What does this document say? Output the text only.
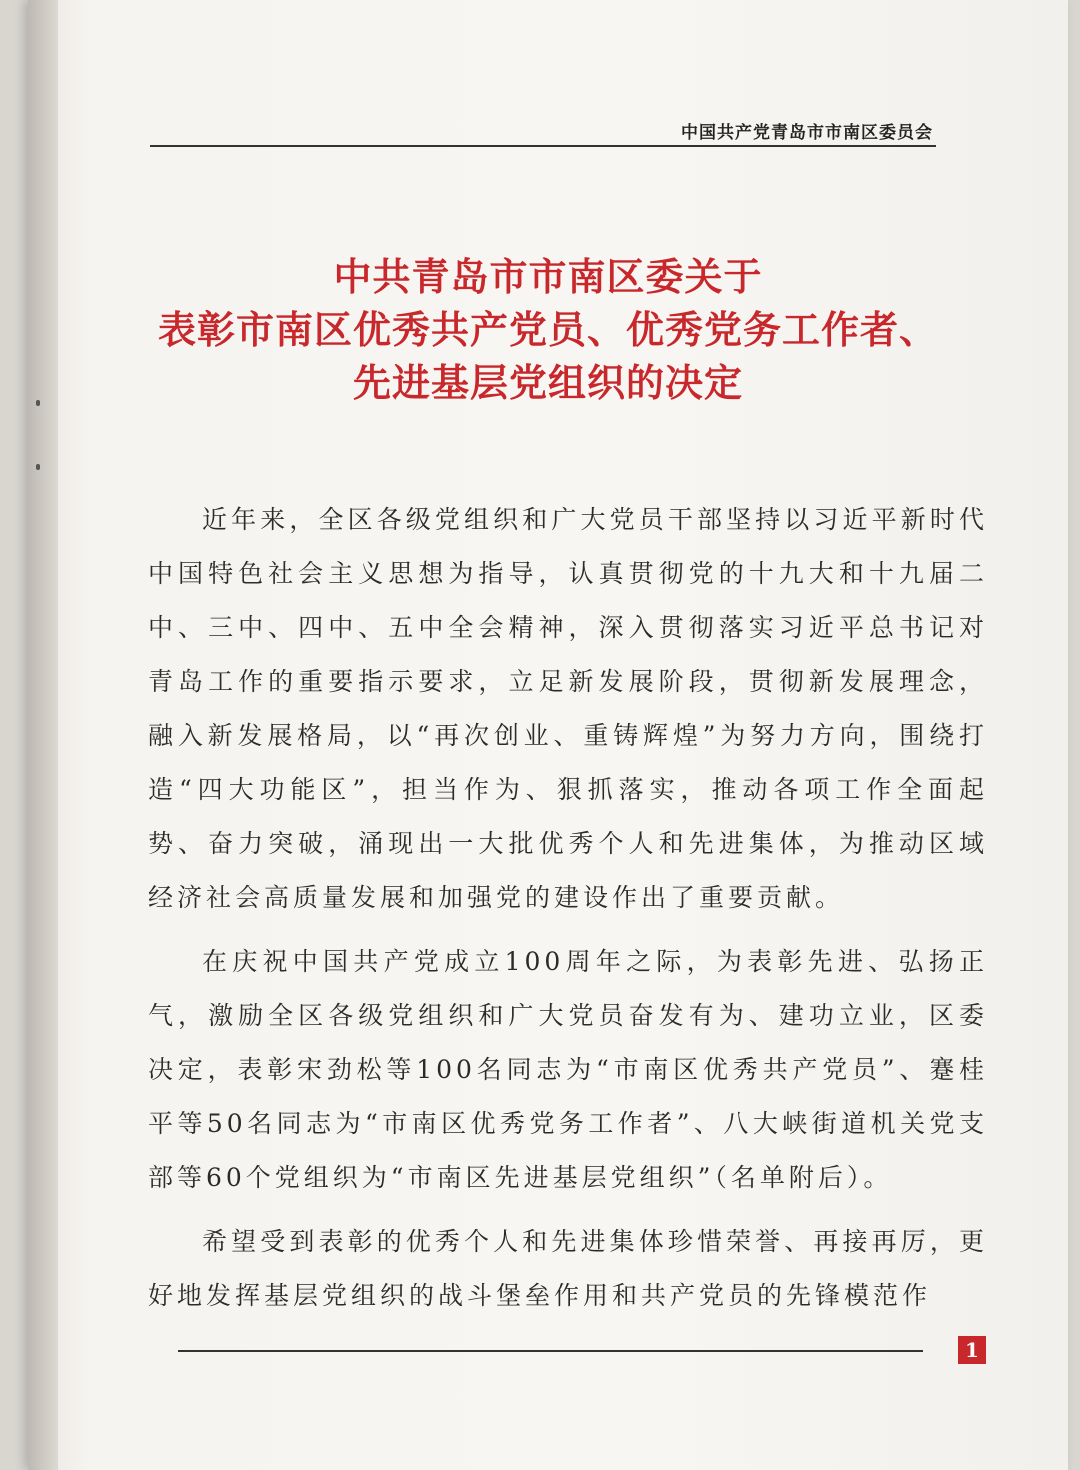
中国共产党青岛市市南区委员会
中共青岛市市南区委关于
表彰市南区优秀共产党员、优秀党务工作者、
先进基层党组织的决定

近年来，全区各级党组织和广大党员干部坚持以习近平新时代中国特色社会主义思想为指导，认真贯彻党的十九大和十九届二中、三中、四中、五中全会精神，深入贯彻落实习近平总书记对青岛工作的重要指示要求，立足新发展阶段，贯彻新发展理念，融入新发展格局，以“再次创业、重铸辉煌”为努力方向，围绕打造“四大功能区”，担当作为、狠抓落实，推动各项工作全面起势、奋力突破，涌现出一大批优秀个人和先进集体，为推动区域经济社会高质量发展和加强党的建设作出了重要贡献。

在庆祝中国共产党成立100周年之际，为表彰先进、弘扬正气，激励全区各级党组织和广大党员奋发有为、建功立业，区委决定，表彰宋劲松等100名同志为“市南区优秀共产党员”、蹇桂平等50名同志为“市南区优秀党务工作者”、八大峡街道机关党支部等60个党组织为“市南区先进基层党组织”（名单附后）。

希望受到表彰的优秀个人和先进集体珍惜荣誉、再接再厉，更好地发挥基层党组织的战斗堡垒作用和共产党员的先锋模范作

1
